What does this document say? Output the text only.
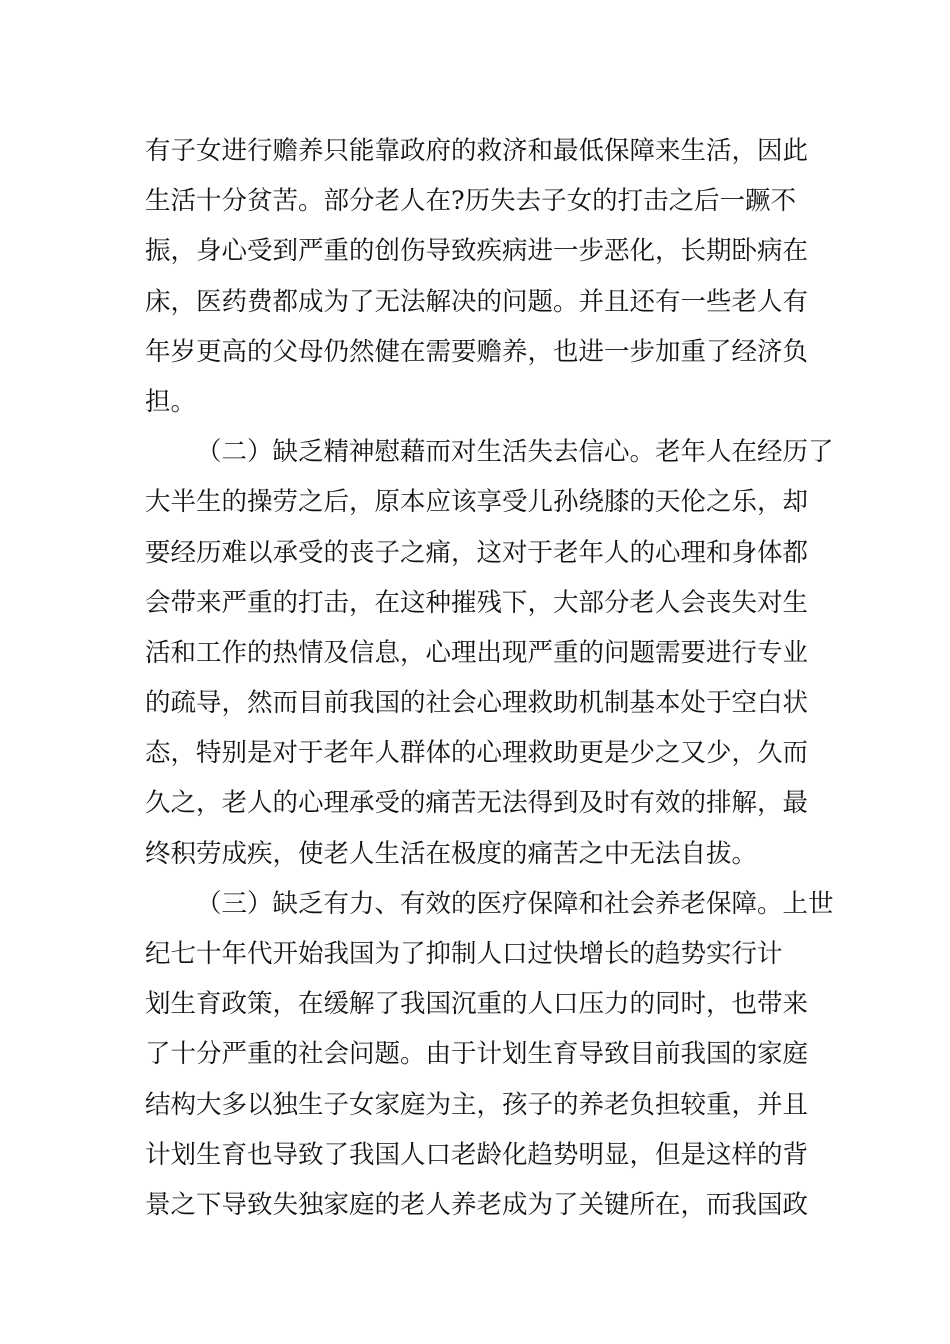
有子女进行赡养只能靠政府的救济和最低保障来生活，因此
生活十分贫苦。部分老人在?历失去子女的打击之后一蹶不
振，身心受到严重的创伤导致疾病进一步恶化，长期卧病在
床，医药费都成为了无法解决的问题。并且还有一些老人有
年岁更高的父母仍然健在需要赡养，也进一步加重了经济负
担。
（二）缺乏精神慰藉而对生活失去信心。老年人在经历了
大半生的操劳之后，原本应该享受儿孙绕膝的天伦之乐，却
要经历难以承受的丧子之痛，这对于老年人的心理和身体都
会带来严重的打击，在这种摧残下，大部分老人会丧失对生
活和工作的热情及信息，心理出现严重的问题需要进行专业
的疏导，然而目前我国的社会心理救助机制基本处于空白状
态，特别是对于老年人群体的心理救助更是少之又少，久而
久之，老人的心理承受的痛苦无法得到及时有效的排解，最
终积劳成疾，使老人生活在极度的痛苦之中无法自拔。
（三）缺乏有力、有效的医疗保障和社会养老保障。上世
纪七十年代开始我国为了抑制人口过快增长的趋势实行计
划生育政策，在缓解了我国沉重的人口压力的同时，也带来
了十分严重的社会问题。由于计划生育导致目前我国的家庭
结构大多以独生子女家庭为主，孩子的养老负担较重，并且
计划生育也导致了我国人口老龄化趋势明显，但是这样的背
景之下导致失独家庭的老人养老成为了关键所在，而我国政
